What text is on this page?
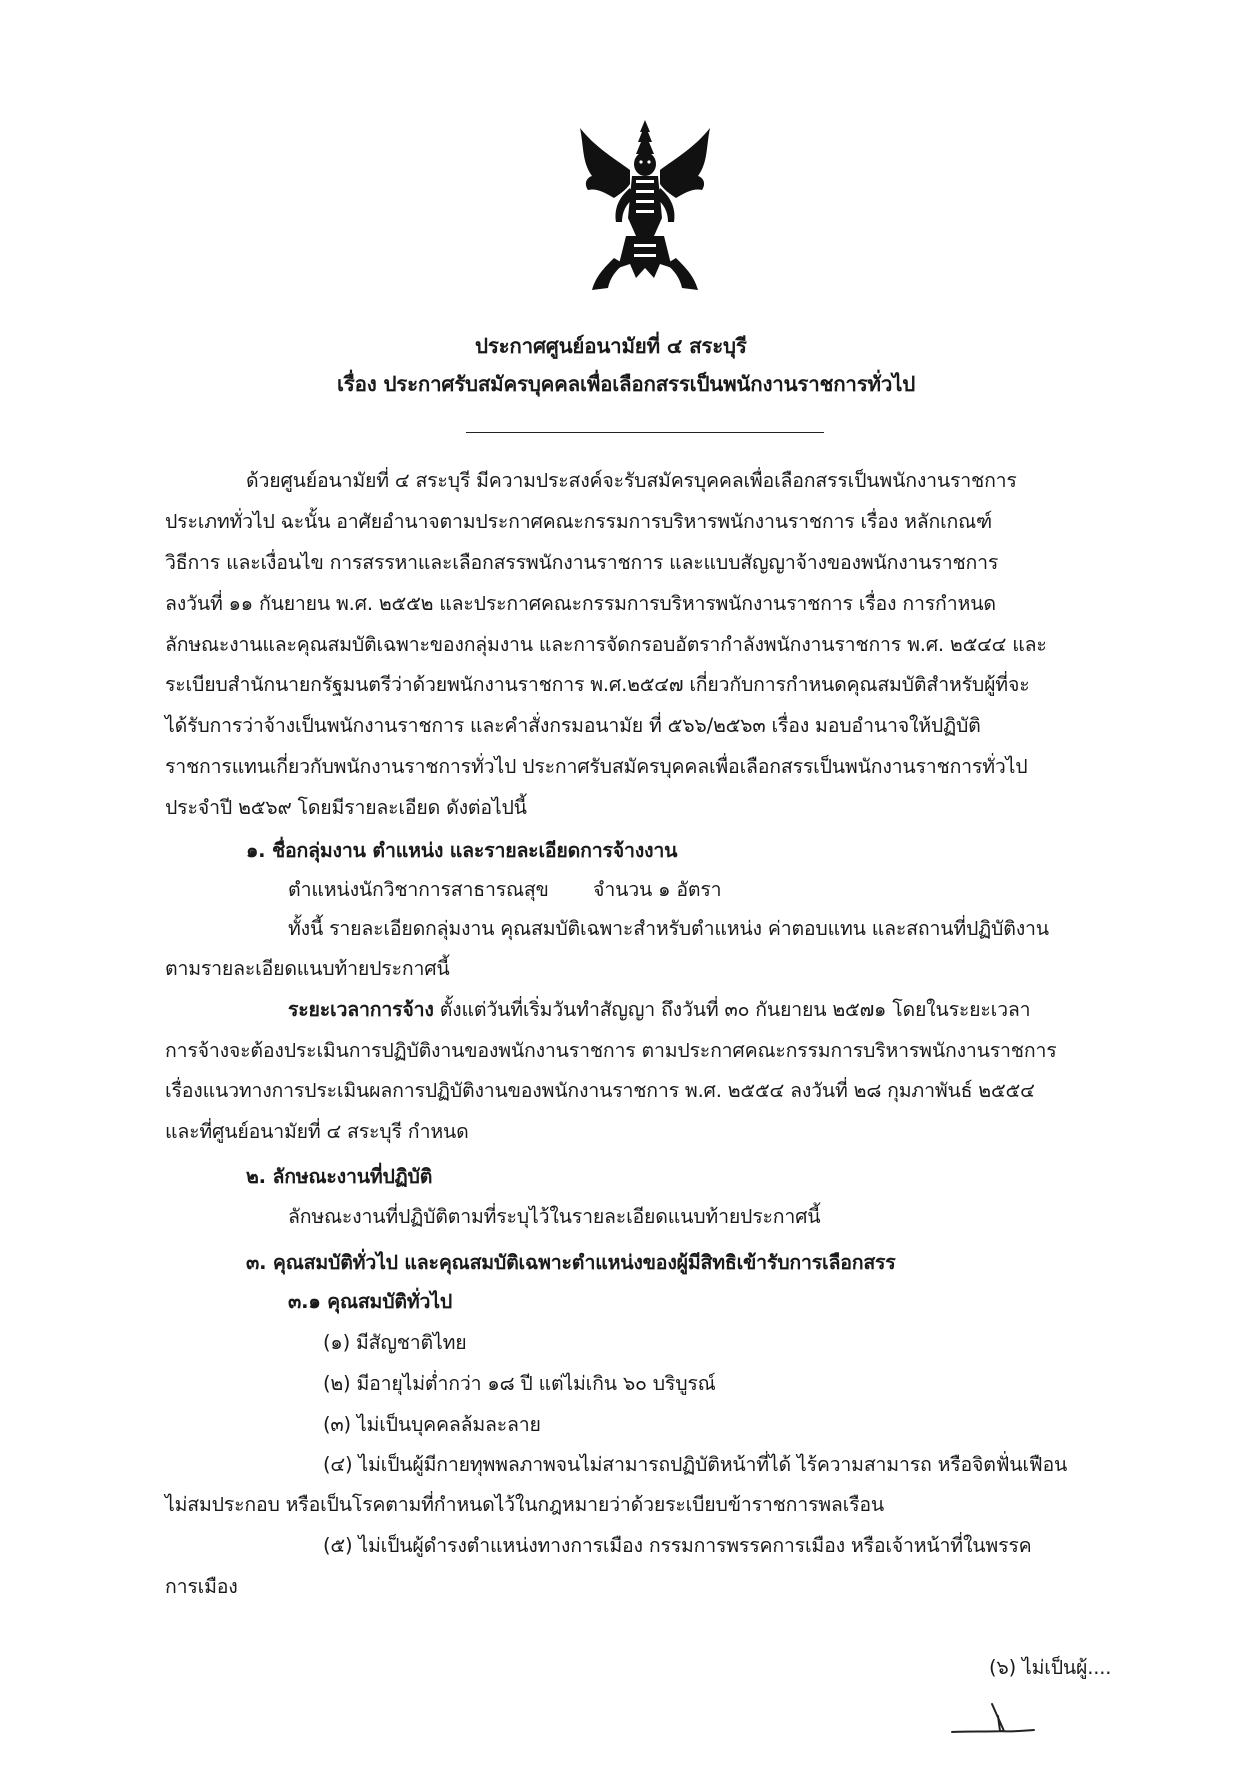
ประกาศศูนย์อนามัยที่ ๔ สระบุรี
เรื่อง ประกาศรับสมัครบุคคลเพื่อเลือกสรรเป็นพนักงานราชการทั่วไป
ด้วยศูนย์อนามัยที่ ๔ สระบุรี มีความประสงค์จะรับสมัครบุคคลเพื่อเลือกสรรเป็นพนักงานราชการ
ประเภททั่วไป ฉะนั้น อาศัยอำนาจตามประกาศคณะกรรมการบริหารพนักงานราชการ เรื่อง หลักเกณฑ์
วิธีการ และเงื่อนไข การสรรหาและเลือกสรรพนักงานราชการ และแบบสัญญาจ้างของพนักงานราชการ
ลงวันที่ ๑๑ กันยายน พ.ศ. ๒๕๕๒ และประกาศคณะกรรมการบริหารพนักงานราชการ เรื่อง การกำหนด
ลักษณะงานและคุณสมบัติเฉพาะของกลุ่มงาน และการจัดกรอบอัตรากำลังพนักงานราชการ พ.ศ. ๒๕๔๔ และ
ระเบียบสำนักนายกรัฐมนตรีว่าด้วยพนักงานราชการ พ.ศ.๒๕๔๗ เกี่ยวกับการกำหนดคุณสมบัติสำหรับผู้ที่จะ
ได้รับการว่าจ้างเป็นพนักงานราชการ และคำสั่งกรมอนามัย ที่ ๕๖๖/๒๕๖๓ เรื่อง มอบอำนาจให้ปฏิบัติ
ราชการแทนเกี่ยวกับพนักงานราชการทั่วไป ประกาศรับสมัครบุคคลเพื่อเลือกสรรเป็นพนักงานราชการทั่วไป
ประจำปี ๒๕๖๙ โดยมีรายละเอียด ดังต่อไปนี้
๑. ชื่อกลุ่มงาน ตำแหน่ง และรายละเอียดการจ้างงาน
ตำแหน่งนักวิชาการสาธารณสุข จำนวน ๑ อัตรา
ทั้งนี้ รายละเอียดกลุ่มงาน คุณสมบัติเฉพาะสำหรับตำแหน่ง ค่าตอบแทน และสถานที่ปฏิบัติงาน
ตามรายละเอียดแนบท้ายประกาศนี้
ระยะเวลาการจ้าง ตั้งแต่วันที่เริ่มวันทำสัญญา ถึงวันที่ ๓๐ กันยายน ๒๕๗๑ โดยในระยะเวลา
การจ้างจะต้องประเมินการปฏิบัติงานของพนักงานราชการ ตามประกาศคณะกรรมการบริหารพนักงานราชการ
เรื่องแนวทางการประเมินผลการปฏิบัติงานของพนักงานราชการ พ.ศ. ๒๕๕๔ ลงวันที่ ๒๘ กุมภาพันธ์ ๒๕๕๔
และที่ศูนย์อนามัยที่ ๔ สระบุรี กำหนด
๒. ลักษณะงานที่ปฏิบัติ
ลักษณะงานที่ปฏิบัติตามที่ระบุไว้ในรายละเอียดแนบท้ายประกาศนี้
๓. คุณสมบัติทั่วไป และคุณสมบัติเฉพาะตำแหน่งของผู้มีสิทธิเข้ารับการเลือกสรร
๓.๑ คุณสมบัติทั่วไป
(๑) มีสัญชาติไทย
(๒) มีอายุไม่ต่ำกว่า ๑๘ ปี แต่ไม่เกิน ๖๐ บริบูรณ์
(๓) ไม่เป็นบุคคลล้มละลาย
(๔) ไม่เป็นผู้มีกายทุพพลภาพจนไม่สามารถปฏิบัติหน้าที่ได้ ไร้ความสามารถ หรือจิตฟั่นเฟือน
ไม่สมประกอบ หรือเป็นโรคตามที่กำหนดไว้ในกฎหมายว่าด้วยระเบียบข้าราชการพลเรือน
(๕) ไม่เป็นผู้ดำรงตำแหน่งทางการเมือง กรรมการพรรคการเมือง หรือเจ้าหน้าที่ในพรรค
การเมือง
(๖) ไม่เป็นผู้....
